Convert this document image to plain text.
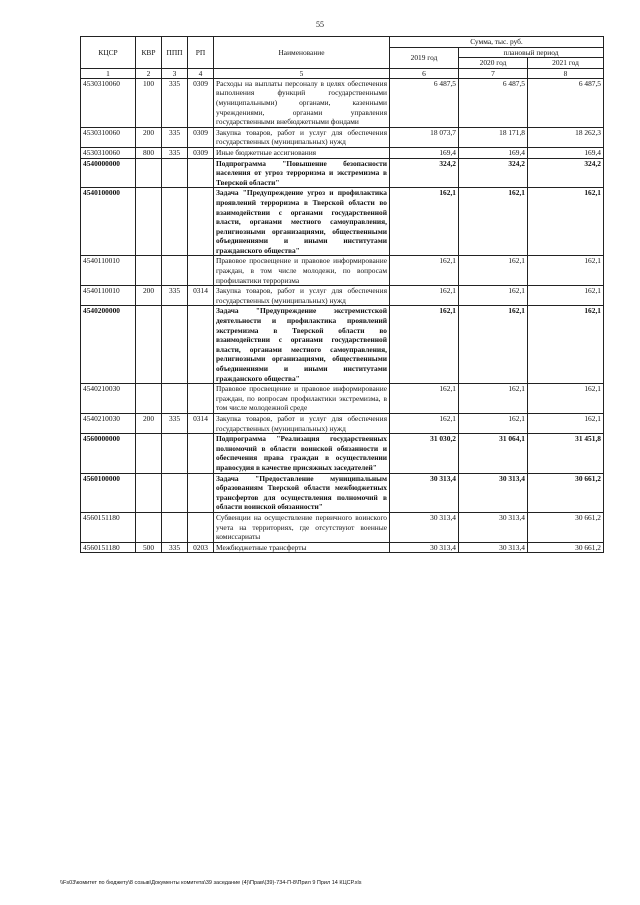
55
КЦСР	КВР	ППП	РП	Наименование	Сумма, тыс. руб.		
					2019 год	плановый период	
						2020 год	2021 год
1	2	3	4	5	6	7	8
4530310060	100	335	0309	Расходы на выплаты персоналу в целях обеспечения выполнения функций государственными (муниципальными) органами, казенными учреждениями, органами управления государственными внебюджетными фондами	6 487,5	6 487,5	6 487,5
4530310060	200	335	0309	Закупка товаров, работ и услуг для обеспечения государственных (муниципальных) нужд	18 073,7	18 171,8	18 262,3
4530310060	800	335	0309	Иные бюджетные ассигнования	169,4	169,4	169,4
4540000000				Подпрограмма "Повышение безопасности населения от угроз терроризма и экстремизма в Тверской области"	324,2	324,2	324,2
4540100000				Задача "Предупреждение угроз и профилактика проявлений терроризма в Тверской области во взаимодействии с органами государственной власти, органами местного самоуправления, религиозными организациями, общественными объединениями и иными институтами гражданского общества"	162,1	162,1	162,1
4540110010				Правовое просвещение и правовое информирование граждан, в том числе молодежи, по вопросам профилактики терроризма	162,1	162,1	162,1
4540110010	200	335	0314	Закупка товаров, работ и услуг для обеспечения государственных (муниципальных) нужд	162,1	162,1	162,1
4540200000				Задача "Предупреждение экстремистской деятельности и профилактика проявлений экстремизма в Тверской области во взаимодействии с органами государственной власти, органами местного самоуправления, религиозными организациями, общественными объединениями и иными институтами гражданского общества"	162,1	162,1	162,1
4540210030				Правовое просвещение и правовое информирование граждан, по вопросам профилактики экстремизма, в том числе молодежной среде	162,1	162,1	162,1
4540210030	200	335	0314	Закупка товаров, работ и услуг для обеспечения государственных (муниципальных) нужд	162,1	162,1	162,1
4560000000				Подпрограмма "Реализация государственных полномочий в области воинской обязанности и обеспечения права граждан в осуществлении правосудия в качестве присяжных заседателей"	31 030,2	31 064,1	31 451,8
4560100000				Задача "Предоставление муниципальным образованиям Тверской области межбюджетных трансфертов для осуществления полномочий в области воинской обязанности"	30 313,4	30 313,4	30 661,2
4560151180				Субвенции на осуществление первичного воинского учета на территориях, где отсутствуют военные комиссариаты	30 313,4	30 313,4	30 661,2
4560151180	500	335	0203	Межбюджетные трансферты	30 313,4	30 313,4	30 661,2
\\Fs03\комитет по бюджету\8 созыв\Документы комитета\39 заседание (4)\Прав\(39)-734-П-8\Прил 9 Прил 14 КЦСР.xls
